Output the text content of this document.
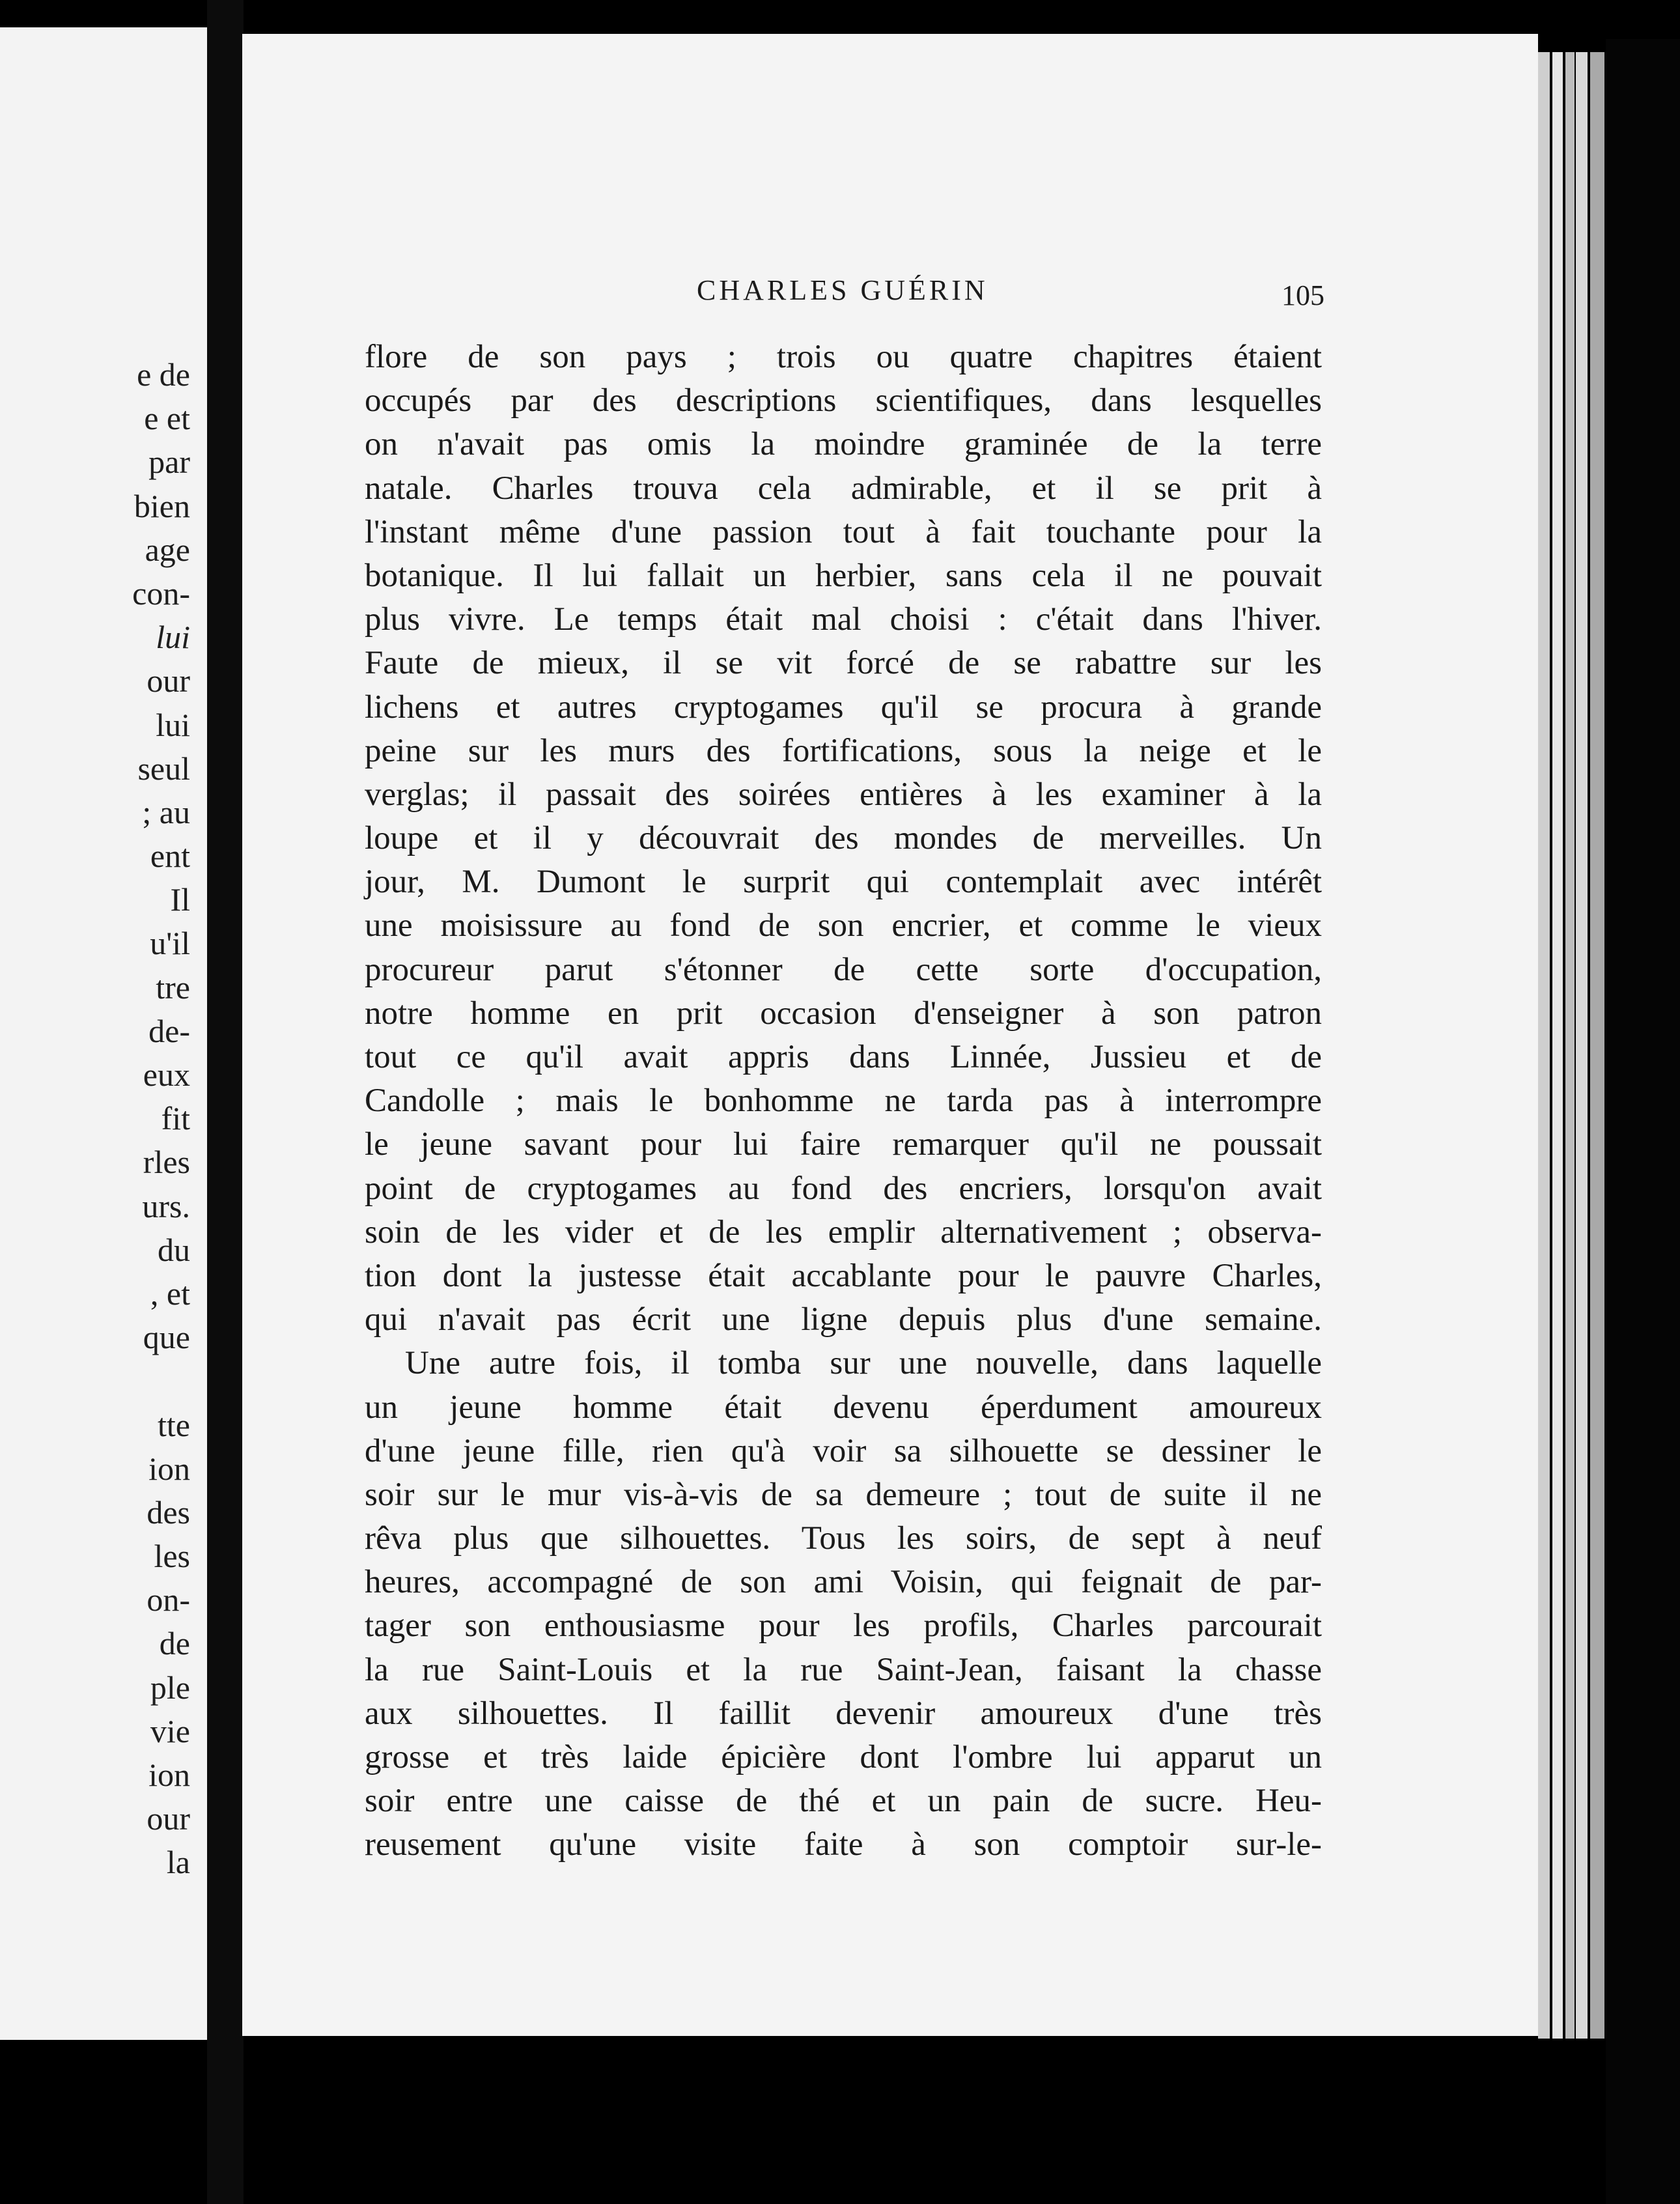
e de
e et
par
bien
age
con-
lui
our
lui
seul
; au
ent
Il
u'il
tre
de-
eux
fit
rles
urs.
du
, et
que
tte
ion
des
les
on-
de
ple
vie
ion
our
la
CHARLES GUÉRIN	105
flore de son pays ; trois ou quatre chapitres étaient
occupés par des descriptions scientifiques, dans lesquelles
on n'avait pas omis la moindre graminée de la terre
natale. Charles trouva cela admirable, et il se prit à
l'instant même d'une passion tout à fait touchante pour la
botanique. Il lui fallait un herbier, sans cela il ne pouvait
plus vivre. Le temps était mal choisi : c'était dans l'hiver.
Faute de mieux, il se vit forcé de se rabattre sur les
lichens et autres cryptogames qu'il se procura à grande
peine sur les murs des fortifications, sous la neige et le
verglas; il passait des soirées entières à les examiner à la
loupe et il y découvrait des mondes de merveilles. Un
jour, M. Dumont le surprit qui contemplait avec intérêt
une moisissure au fond de son encrier, et comme le vieux
procureur parut s'étonner de cette sorte d'occupation,
notre homme en prit occasion d'enseigner à son patron
tout ce qu'il avait appris dans Linnée, Jussieu et de
Candolle ; mais le bonhomme ne tarda pas à interrompre
le jeune savant pour lui faire remarquer qu'il ne poussait
point de cryptogames au fond des encriers, lorsqu'on avait
soin de les vider et de les emplir alternativement ; observa-
tion dont la justesse était accablante pour le pauvre Charles,
qui n'avait pas écrit une ligne depuis plus d'une semaine.
Une autre fois, il tomba sur une nouvelle, dans laquelle
un jeune homme était devenu éperdument amoureux
d'une jeune fille, rien qu'à voir sa silhouette se dessiner le
soir sur le mur vis-à-vis de sa demeure ; tout de suite il ne
rêva plus que silhouettes. Tous les soirs, de sept à neuf
heures, accompagné de son ami Voisin, qui feignait de par-
tager son enthousiasme pour les profils, Charles parcourait
la rue Saint-Louis et la rue Saint-Jean, faisant la chasse
aux silhouettes. Il faillit devenir amoureux d'une très
grosse et très laide épicière dont l'ombre lui apparut un
soir entre une caisse de thé et un pain de sucre. Heu-
reusement qu'une visite faite à son comptoir sur-le-
